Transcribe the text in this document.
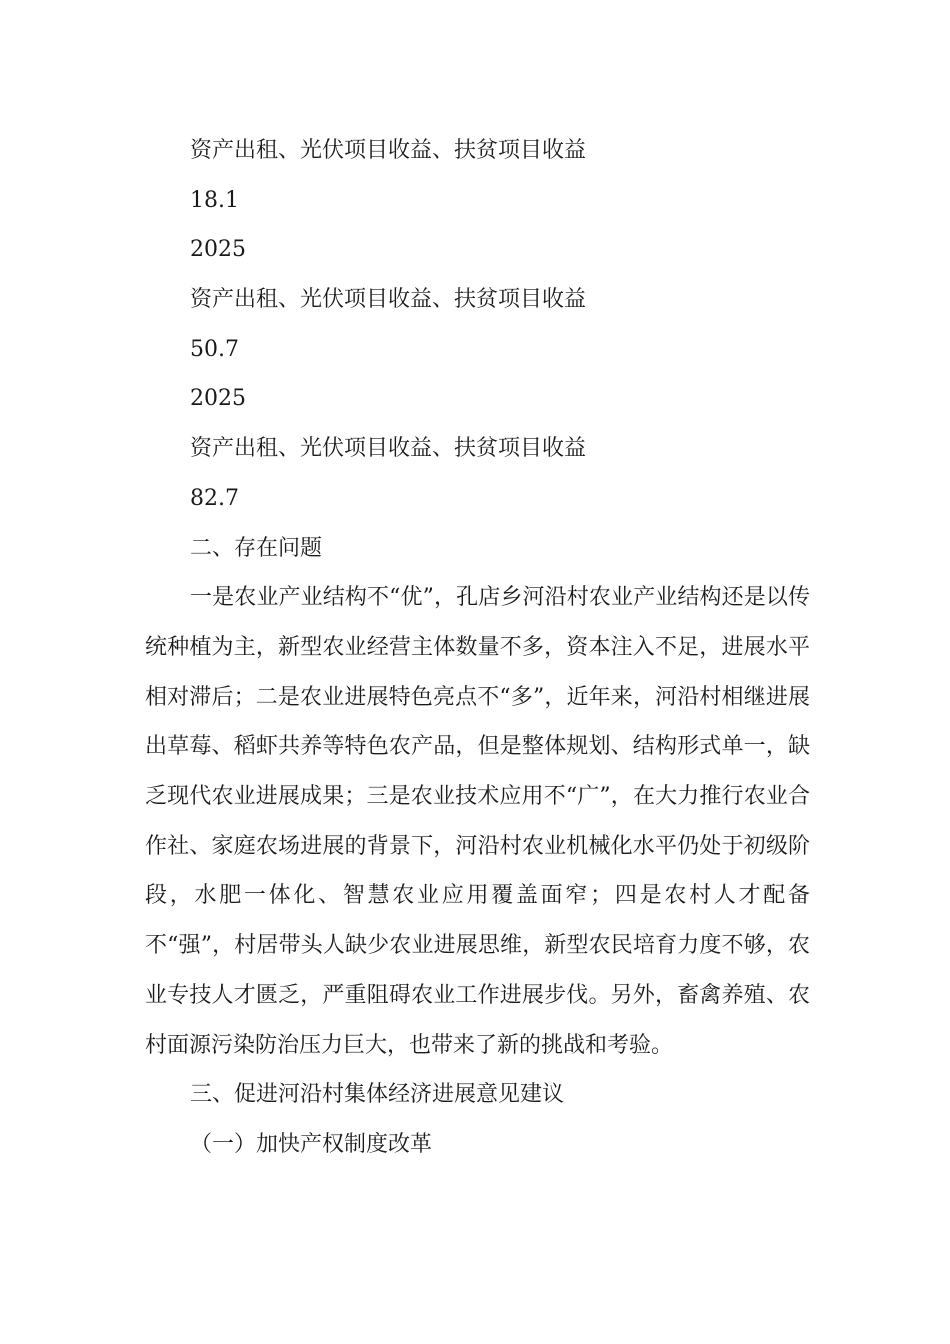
资产出租、光伏项目收益、扶贫项目收益
18.1
2025
资产出租、光伏项目收益、扶贫项目收益
50.7
2025
资产出租、光伏项目收益、扶贫项目收益
82.7
二、存在问题
一是农业产业结构不“优”，孔店乡河沿村农业产业结构还是以传统种植为主，新型农业经营主体数量不多，资本注入不足，进展水平相对滞后；二是农业进展特色亮点不“多”，近年来，河沿村相继进展出草莓、稻虾共养等特色农产品，但是整体规划、结构形式单一，缺乏现代农业进展成果；三是农业技术应用不“广”，在大力推行农业合作社、家庭农场进展的背景下，河沿村农业机械化水平仍处于初级阶段，水肥一体化、智慧农业应用覆盖面窄；四是农村人才配备不“强”，村居带头人缺少农业进展思维，新型农民培育力度不够，农业专技人才匮乏，严重阻碍农业工作进展步伐。另外，畜禽养殖、农村面源污染防治压力巨大，也带来了新的挑战和考验。
三、促进河沿村集体经济进展意见建议
（一）加快产权制度改革
